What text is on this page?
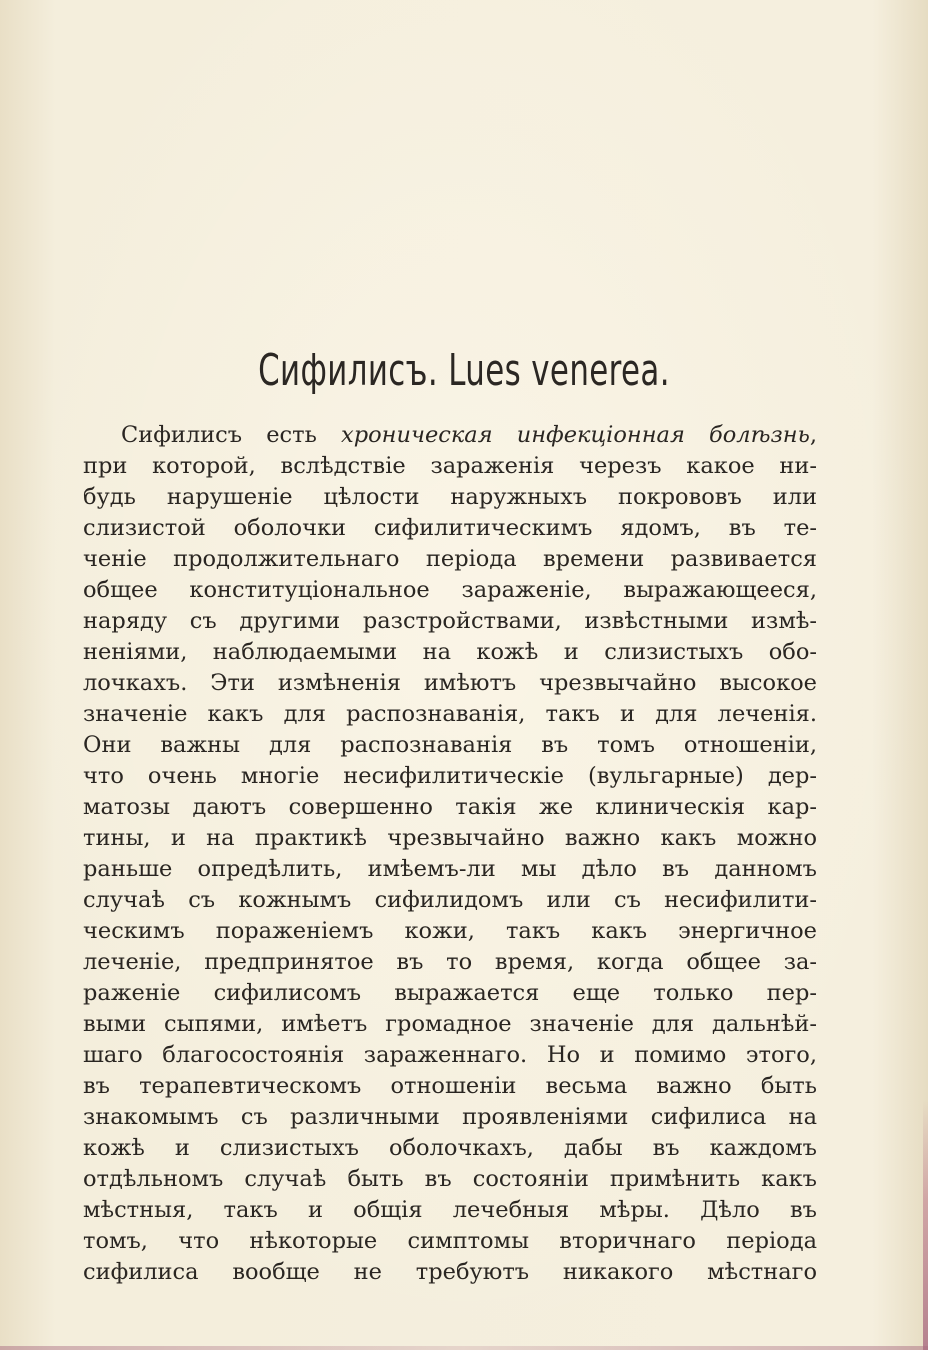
Сифилисъ. Lues venerea.
Сифилисъ есть хроническая инфекціонная болѣзнь,
при которой, вслѣдствіе зараженія черезъ какое ни-
будь нарушеніе цѣлости наружныхъ покрововъ или
слизистой оболочки сифилитическимъ ядомъ, въ те-
ченіе продолжительнаго періода времени развивается
общее конституціональное зараженіе, выражающееся,
наряду съ другими разстройствами, извѣстными измѣ-
неніями, наблюдаемыми на кожѣ и слизистыхъ обо-
лочкахъ. Эти измѣненія имѣютъ чрезвычайно высокое
значеніе какъ для распознаванія, такъ и для леченія.
Они важны для распознаванія въ томъ отношеніи,
что очень многіе несифилитическіе (вульгарные) дер-
матозы даютъ совершенно такія же клиническія кар-
тины, и на практикѣ чрезвычайно важно какъ можно
раньше опредѣлить, имѣемъ-ли мы дѣло въ данномъ
случаѣ съ кожнымъ сифилидомъ или съ несифилити-
ческимъ пораженіемъ кожи, такъ какъ энергичное
леченіе, предпринятое въ то время, когда общее за-
раженіе сифилисомъ выражается еще только пер-
выми сыпями, имѣетъ громадное значеніе для дальнѣй-
шаго благосостоянія зараженнаго. Но и помимо этого,
въ терапевтическомъ отношеніи весьма важно быть
знакомымъ съ различными проявленіями сифилиса на
кожѣ и слизистыхъ оболочкахъ, дабы въ каждомъ
отдѣльномъ случаѣ быть въ состояніи примѣнить какъ
мѣстныя, такъ и общія лечебныя мѣры. Дѣло въ
томъ, что нѣкоторые симптомы вторичнаго періода
сифилиса вообще не требуютъ никакого мѣстнаго
